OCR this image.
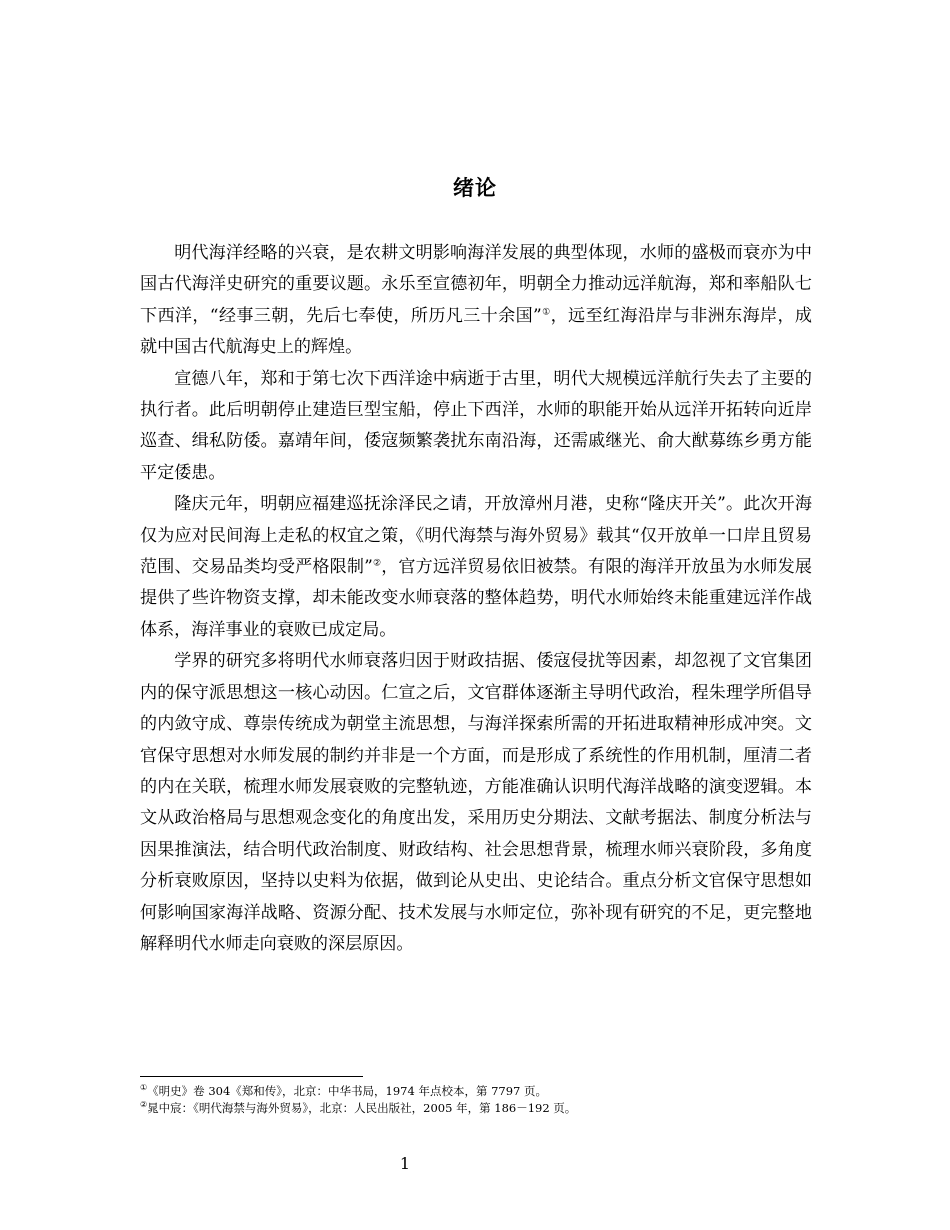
绪论

明代海洋经略的兴衰，是农耕文明影响海洋发展的典型体现，水师的盛极而衰亦为中国古代海洋史研究的重要议题。永乐至宣德初年，明朝全力推动远洋航海，郑和率船队七下西洋，“经事三朝，先后七奉使，所历凡三十余国”①，远至红海沿岸与非洲东海岸，成就中国古代航海史上的辉煌。

宣德八年，郑和于第七次下西洋途中病逝于古里，明代大规模远洋航行失去了主要的执行者。此后明朝停止建造巨型宝船，停止下西洋，水师的职能开始从远洋开拓转向近岸巡查、缉私防倭。嘉靖年间，倭寇频繁袭扰东南沿海，还需戚继光、俞大猷募练乡勇方能平定倭患。

隆庆元年，明朝应福建巡抚涂泽民之请，开放漳州月港，史称“隆庆开关”。此次开海仅为应对民间海上走私的权宜之策，《明代海禁与海外贸易》载其“仅开放单一口岸且贸易范围、交易品类均受严格限制”②，官方远洋贸易依旧被禁。有限的海洋开放虽为水师发展提供了些许物资支撑，却未能改变水师衰落的整体趋势，明代水师始终未能重建远洋作战体系，海洋事业的衰败已成定局。

学界的研究多将明代水师衰落归因于财政拮据、倭寇侵扰等因素，却忽视了文官集团内的保守派思想这一核心动因。仁宣之后，文官群体逐渐主导明代政治，程朱理学所倡导的内敛守成、尊崇传统成为朝堂主流思想，与海洋探索所需的开拓进取精神形成冲突。文官保守思想对水师发展的制约并非是一个方面，而是形成了系统性的作用机制，厘清二者的内在关联，梳理水师发展衰败的完整轨迹，方能准确认识明代海洋战略的演变逻辑。本文从政治格局与思想观念变化的角度出发，采用历史分期法、文献考据法、制度分析法与因果推演法，结合明代政治制度、财政结构、社会思想背景，梳理水师兴衰阶段，多角度分析衰败原因，坚持以史料为依据，做到论从史出、史论结合。重点分析文官保守思想如何影响国家海洋战略、资源分配、技术发展与水师定位，弥补现有研究的不足，更完整地解释明代水师走向衰败的深层原因。

①《明史》卷 304《郑和传》，北京：中华书局，1974 年点校本，第 7797 页。

②晁中宸：《明代海禁与海外贸易》，北京：人民出版社，2005 年，第 186－192 页。

1
